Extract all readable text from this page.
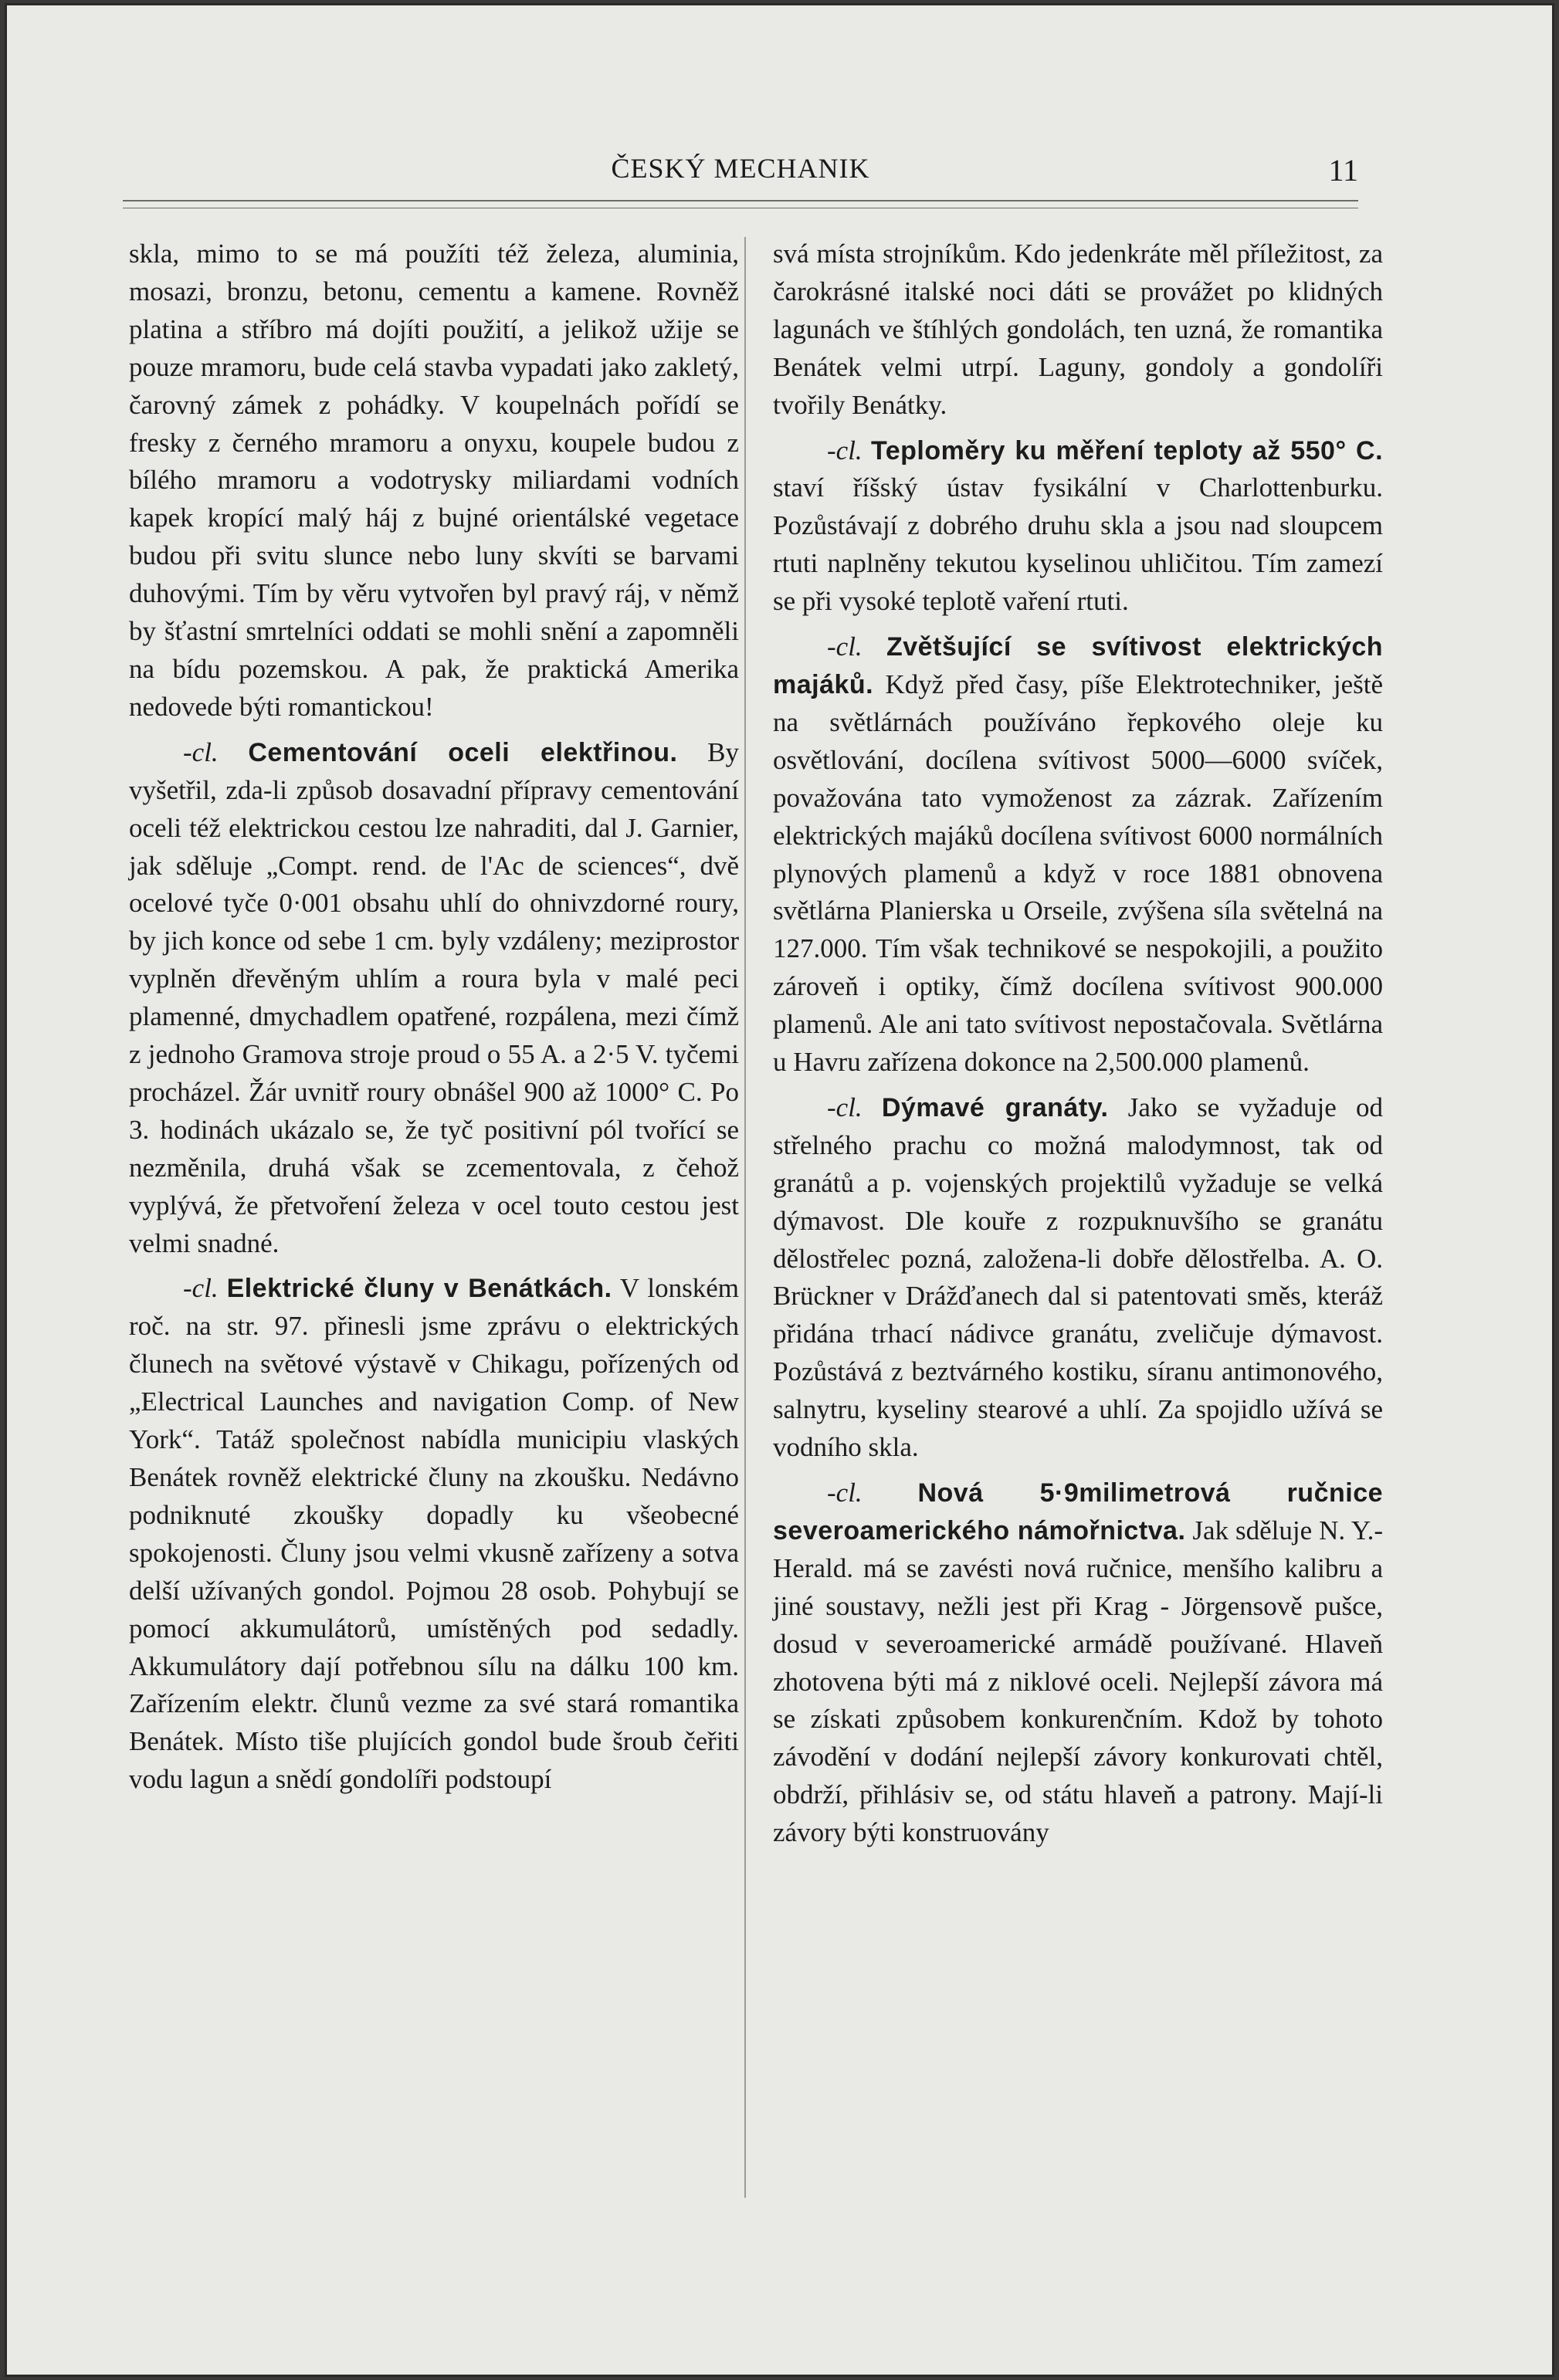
ČESKÝ MECHANIK	11

skla, mimo to se má použíti též železa, aluminia, mosazi, bronzu, betonu, cementu a kamene. Rovněž platina a stříbro má dojíti použití, a jelikož užije se pouze mramoru, bude celá stavba vypadati jako zakletý, čarovný zámek z pohádky. V koupelnách pořídí se fresky z černého mramoru a onyxu, koupele budou z bílého mramoru a vodotrysky miliardami vodních kapek kropící malý háj z bujné orientálské vegetace budou při svitu slunce nebo luny skvíti se barvami duhovými. Tím by věru vytvořen byl pravý ráj, v němž by šťastní smrtelníci oddati se mohli snění a zapomněli na bídu pozemskou. A pak, že praktická Amerika nedovede býti romantickou!

-cl. Cementování oceli elektřinou. By vyšetřil, zda-li způsob dosavadní přípravy cementování oceli též elektrickou cestou lze nahraditi, dal J. Garnier, jak sděluje „Compt. rend. de l'Ac de sciences“, dvě ocelové tyče 0·001 obsahu uhlí do ohnivzdorné roury, by jich konce od sebe 1 cm. byly vzdáleny; meziprostor vyplněn dřevěným uhlím a roura byla v malé peci plamenné, dmychadlem opatřené, rozpálena, mezi čímž z jednoho Gramova stroje proud o 55 A. a 2·5 V. tyčemi procházel. Žár uvnitř roury obnášel 900 až 1000° C. Po 3. hodinách ukázalo se, že tyč positivní pól tvořící se nezměnila, druhá však se zcementovala, z čehož vyplývá, že přetvoření železa v ocel touto cestou jest velmi snadné.

-cl. Elektrické čluny v Benátkách. V lonském roč. na str. 97. přinesli jsme zprávu o elektrických člunech na světové výstavě v Chikagu, pořízených od „Electrical Launches and navigation Comp. of New York“. Tatáž společnost nabídla municipiu vlaských Benátek rovněž elektrické čluny na zkoušku. Nedávno podniknuté zkoušky dopadly ku všeobecné spokojenosti. Čluny jsou velmi vkusně zařízeny a sotva delší užívaných gondol. Pojmou 28 osob. Pohybují se pomocí akkumulátorů, umístěných pod sedadly. Akkumulátory dají potřebnou sílu na dálku 100 km. Zařízením elektr. člunů vezme za své stará romantika Benátek. Místo tiše plujících gondol bude šroub čeřiti vodu lagun a snědí gondolíři podstoupí

svá místa strojníkům. Kdo jedenkráte měl příležitost, za čarokrásné italské noci dáti se provážet po klidných lagunách ve štíhlých gondolách, ten uzná, že romantika Benátek velmi utrpí. Laguny, gondoly a gondolíři tvořily Benátky.

-cl. Teploměry ku měření teploty až 550° C. staví říšský ústav fysikální v Charlottenburku. Pozůstávají z dobrého druhu skla a jsou nad sloupcem rtuti naplněny tekutou kyselinou uhličitou. Tím zamezí se při vysoké teplotě vaření rtuti.

-cl. Zvětšující se svítivost elektrických majáků. Když před časy, píše Elektrotechniker, ještě na světlárnách používáno řepkového oleje ku osvětlování, docílena svítivost 5000—6000 svíček, považována tato vymoženost za zázrak. Zařízením elektrických majáků docílena svítivost 6000 normálních plynových plamenů a když v roce 1881 obnovena světlárna Planierska u Orseile, zvýšena síla světelná na 127.000. Tím však technikové se nespokojili, a použito zároveň i optiky, čímž docílena svítivost 900.000 plamenů. Ale ani tato svítivost nepostačovala. Světlárna u Havru zařízena dokonce na 2,500.000 plamenů.

-cl. Dýmavé granáty. Jako se vyžaduje od střelného prachu co možná malodymnost, tak od granátů a p. vojenských projektilů vyžaduje se velká dýmavost. Dle kouře z rozpuknuvšího se granátu dělostřelec pozná, založena-li dobře dělostřelba. A. O. Brückner v Drážďanech dal si patentovati směs, kteráž přidána trhací nádivce granátu, zveličuje dýmavost. Pozůstává z beztvárného kostiku, síranu antimonového, salnytru, kyseliny stearové a uhlí. Za spojidlo užívá se vodního skla.

-cl. Nová 5·9milimetrová ručnice severoamerického námořnictva. Jak sděluje N. Y.-Herald. má se zavésti nová ručnice, menšího kalibru a jiné soustavy, nežli jest při Krag - Jörgensově pušce, dosud v severoamerické armádě používané. Hlaveň zhotovena býti má z niklové oceli. Nejlepší závora má se získati způsobem konkurenčním. Kdož by tohoto závodění v dodání nejlepší závory konkurovati chtěl, obdrží, přihlásiv se, od státu hlaveň a patrony. Mají-li závory býti konstruovány
